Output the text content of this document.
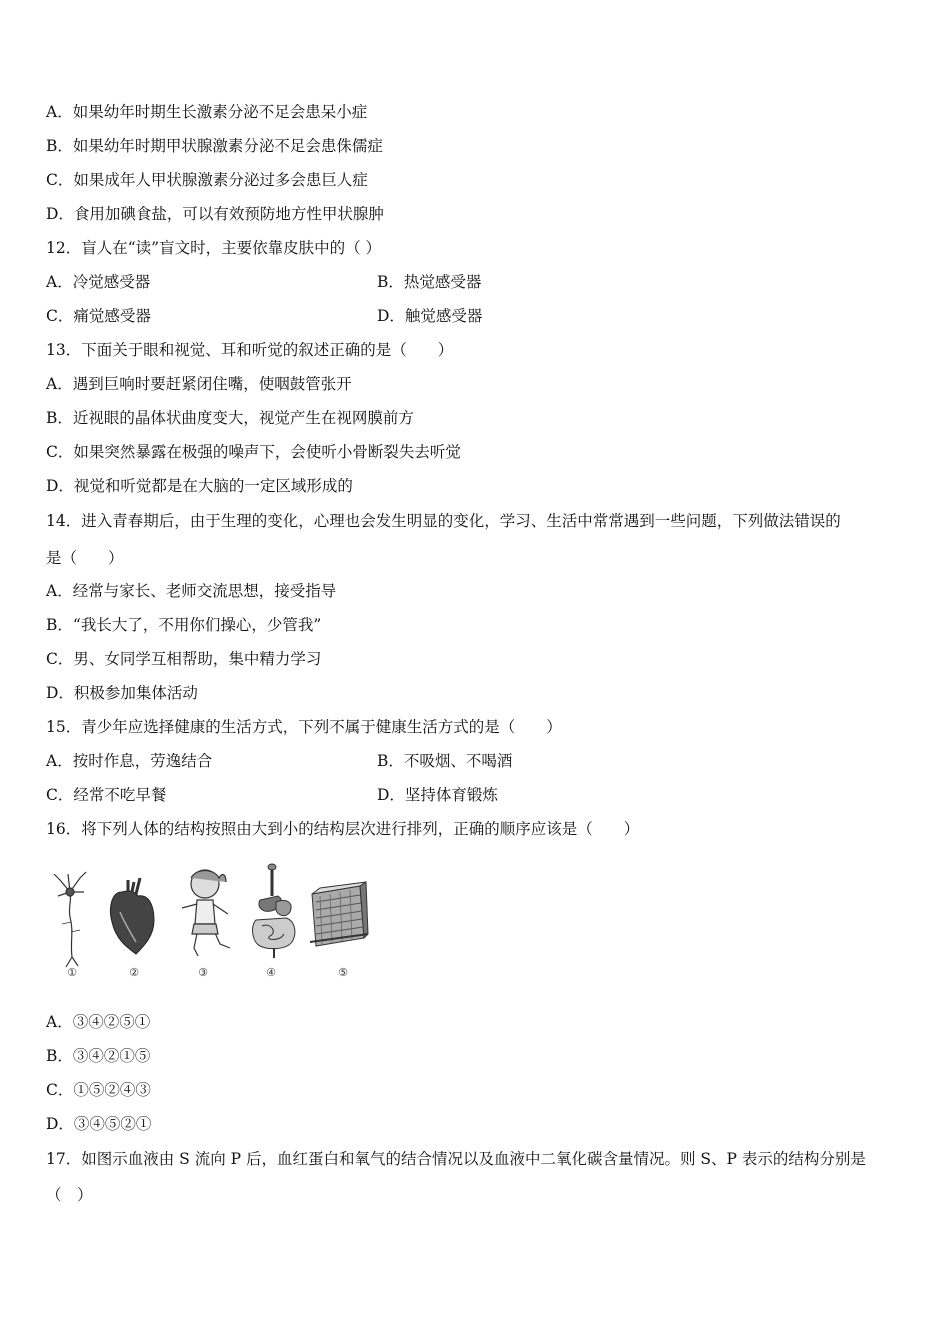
A．如果幼年时期生长激素分泌不足会患呆小症
B．如果幼年时期甲状腺激素分泌不足会患侏儒症
C．如果成年人甲状腺激素分泌过多会患巨人症
D．食用加碘食盐，可以有效预防地方性甲状腺肿
12．盲人在“读”盲文时，主要依靠皮肤中的（ ）
A．冷觉感受器	B．热觉感受器
C．痛觉感受器	D．触觉感受器
13．下面关于眼和视觉、耳和听觉的叙述正确的是（　　）
A．遇到巨响时要赶紧闭住嘴，使咽鼓管张开
B．近视眼的晶体状曲度变大，视觉产生在视网膜前方
C．如果突然暴露在极强的噪声下，会使听小骨断裂失去听觉
D．视觉和听觉都是在大脑的一定区域形成的
14．进入青春期后，由于生理的变化，心理也会发生明显的变化，学习、生活中常常遇到一些问题，下列做法错误的
是（　　）
A．经常与家长、老师交流思想，接受指导
B．“我长大了，不用你们操心，少管我”
C．男、女同学互相帮助，集中精力学习
D．积极参加集体活动
15．青少年应选择健康的生活方式，下列不属于健康生活方式的是（　　）
A．按时作息，劳逸结合	B．不吸烟、不喝酒
C．经常不吃早餐	D．坚持体育锻炼
16．将下列人体的结构按照由大到小的结构层次进行排列，正确的顺序应该是（　　）
①	②	③	④	⑤
A．③④②⑤①
B．③④②①⑤
C．①⑤②④③
D．③④⑤②①
17．如图示血液由 S 流向 P 后，血红蛋白和氧气的结合情况以及血液中二氧化碳含量情况。则 S、P 表示的结构分别是
（　）
